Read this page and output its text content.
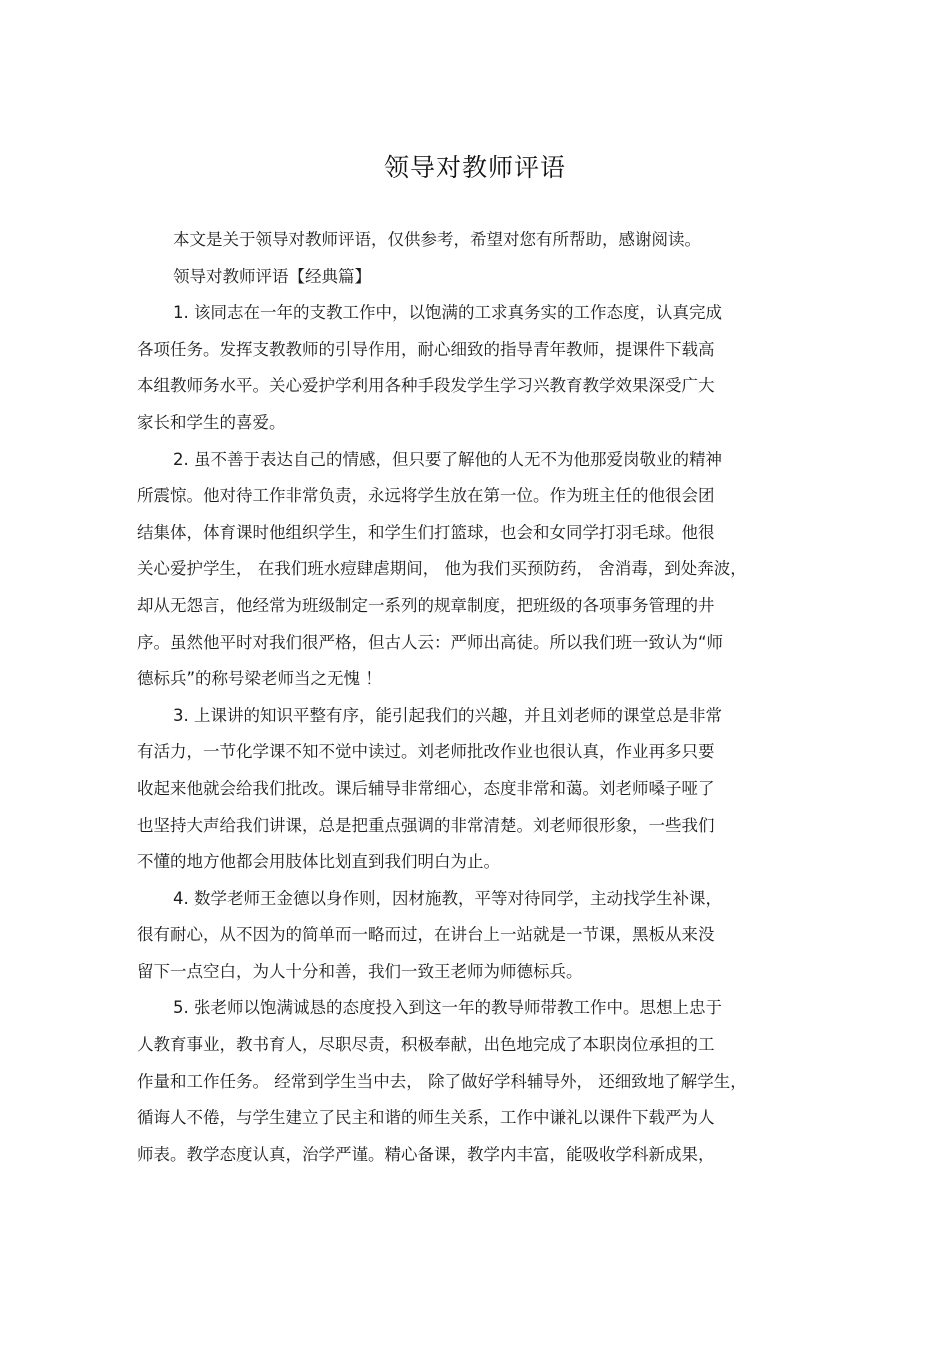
领导对教师评语
本文是关于领导对教师评语，仅供参考，希望对您有所帮助，感谢阅读。
领导对教师评语【经典篇】
1. 该同志在一年的支教工作中，以饱满的工求真务实的工作态度，认真完成
各项任务。发挥支教教师的引导作用，耐心细致的指导青年教师，提课件下载高
本组教师务水平。关心爱护学利用各种手段发学生学习兴教育教学效果深受广大
家长和学生的喜爱。
2. 虽不善于表达自己的情感，但只要了解他的人无不为他那爱岗敬业的精神
所震惊。他对待工作非常负责，永远将学生放在第一位。作为班主任的他很会团
结集体，体育课时他组织学生，和学生们打篮球，也会和女同学打羽毛球。他很
关心爱护学生， 在我们班水痘肆虐期间， 他为我们买预防药， 舍消毒，到处奔波，
却从无怨言，他经常为班级制定一系列的规章制度，把班级的各项事务管理的井
序。虽然他平时对我们很严格，但古人云：严师出高徒。所以我们班一致认为“师
德标兵”的称号梁老师当之无愧 ！
3. 上课讲的知识平整有序，能引起我们的兴趣，并且刘老师的课堂总是非常
有活力，一节化学课不知不觉中读过。刘老师批改作业也很认真，作业再多只要
收起来他就会给我们批改。课后辅导非常细心，态度非常和蔼。刘老师嗓子哑了
也坚持大声给我们讲课，总是把重点强调的非常清楚。刘老师很形象，一些我们
不懂的地方他都会用肢体比划直到我们明白为止。
4. 数学老师王金德以身作则，因材施教，平等对待同学，主动找学生补课，
很有耐心，从不因为的简单而一略而过，在讲台上一站就是一节课，黑板从来没
留下一点空白，为人十分和善，我们一致王老师为师德标兵。
5. 张老师以饱满诚恳的态度投入到这一年的教导师带教工作中。思想上忠于
人教育事业，教书育人，尽职尽责，积极奉献，出色地完成了本职岗位承担的工
作量和工作任务。 经常到学生当中去， 除了做好学科辅导外， 还细致地了解学生，
循诲人不倦，与学生建立了民主和谐的师生关系，工作中谦礼以课件下载严为人
师表。教学态度认真，治学严谨。精心备课，教学内丰富，能吸收学科新成果，
